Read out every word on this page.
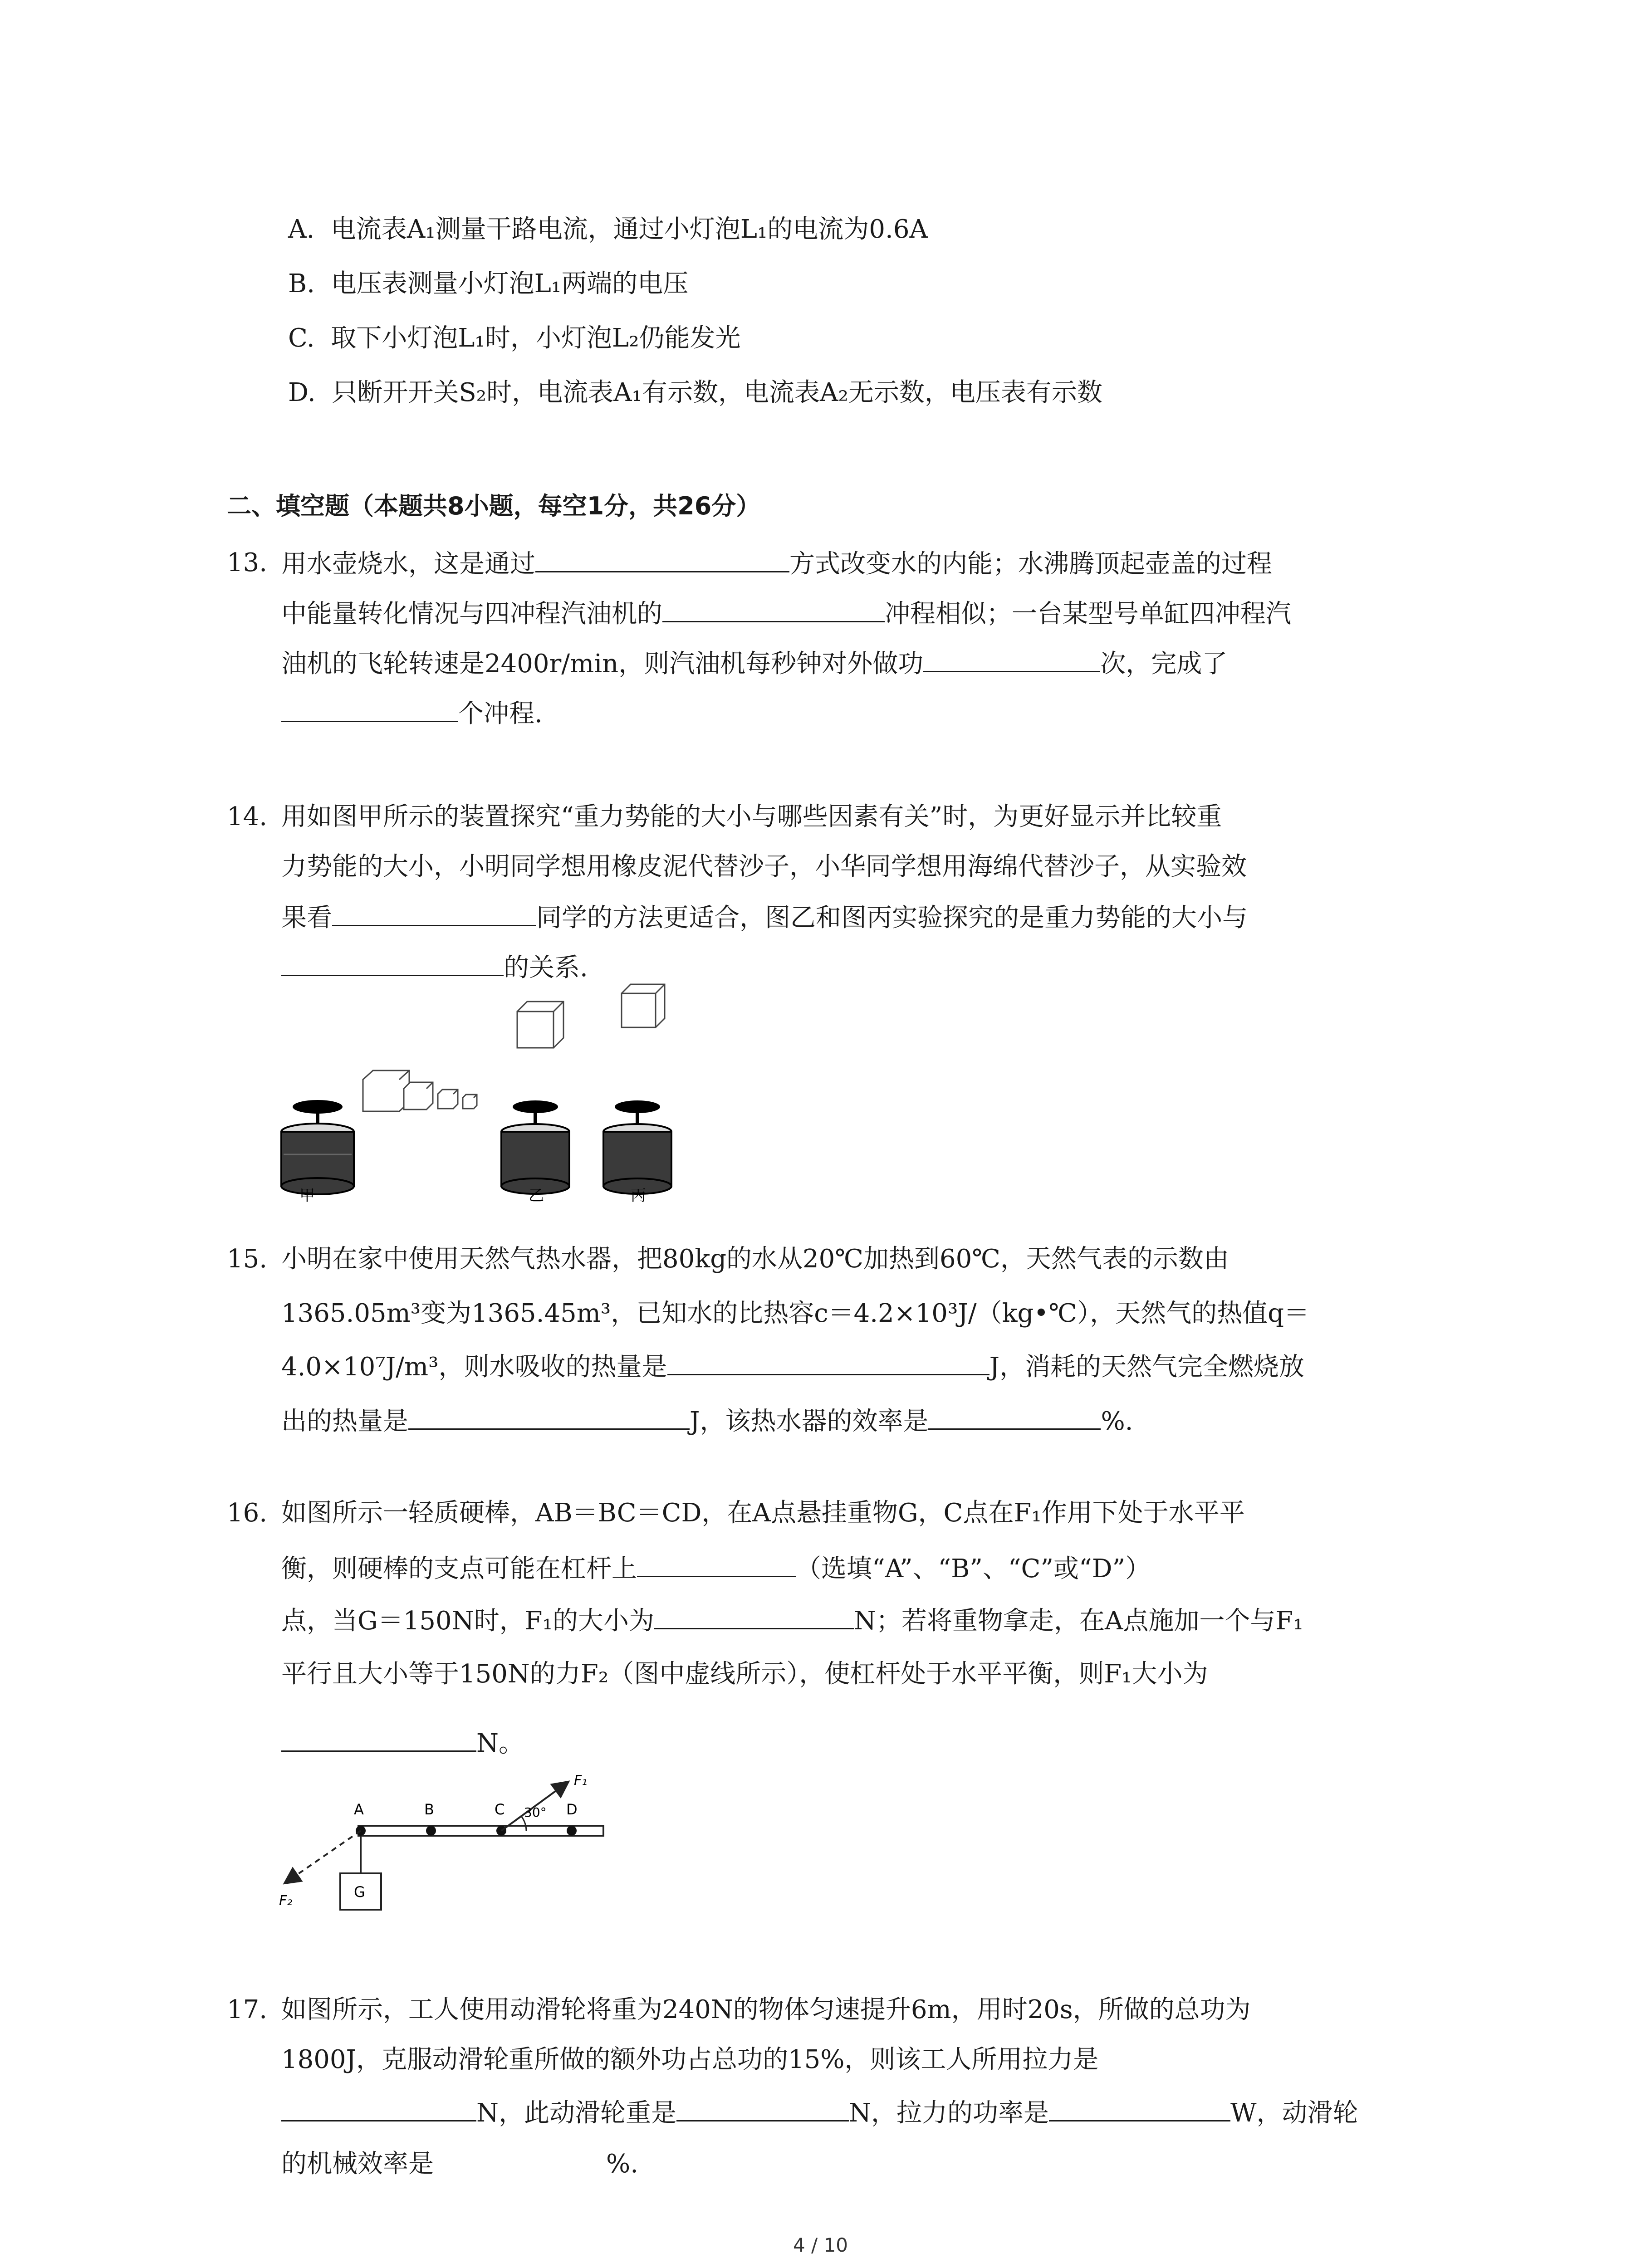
A. 电流表A₁测量干路电流，通过小灯泡L₁的电流为0.6A
B. 电压表测量小灯泡L₁两端的电压
C. 取下小灯泡L₁时，小灯泡L₂仍能发光
D. 只断开开关S₂时，电流表A₁有示数，电流表A₂无示数，电压表有示数
二、填空题（本题共8小题，每空1分，共26分）
13. 用水壶烧水，这是通过	方式改变水的内能；水沸腾顶起壶盖的过程
中能量转化情况与四冲程汽油机的	冲程相似；一台某型号单缸四冲程汽
油机的飞轮转速是2400r/min，则汽油机每秒钟对外做功	次，完成了
个冲程.
14. 用如图甲所示的装置探究“重力势能的大小与哪些因素有关”时，为更好显示并比较重
力势能的大小，小明同学想用橡皮泥代替沙子，小华同学想用海绵代替沙子，从实验效
果看	同学的方法更适合，图乙和图丙实验探究的是重力势能的大小与
的关系.
甲	乙	丙
15. 小明在家中使用天然气热水器，把80kg的水从20℃加热到60℃，天然气表的示数由
1365.05m³变为1365.45m³，已知水的比热容c＝4.2×10³J/（kg•℃），天然气的热值q＝
4.0×10⁷J/m³，则水吸收的热量是	J，消耗的天然气完全燃烧放
出的热量是	J，该热水器的效率是	%.
16. 如图所示一轻质硬棒，AB＝BC＝CD，在A点悬挂重物G，C点在F₁作用下处于水平平
衡，则硬棒的支点可能在杠杆上	（选填“A”、“B”、“C”或“D”）
点，当G＝150N时，F₁的大小为	N；若将重物拿走，在A点施加一个与F₁
平行且大小等于150N的力F₂（图中虚线所示），使杠杆处于水平平衡，则F₁大小为
N。
A	B	C	D
30°
F₁
F₂
G
17. 如图所示，工人使用动滑轮将重为240N的物体匀速提升6m，用时20s，所做的总功为
1800J，克服动滑轮重所做的额外功占总功的15%，则该工人所用拉力是
N，此动滑轮重是	N，拉力的功率是	W，动滑轮
的机械效率是	%.
4 / 10
